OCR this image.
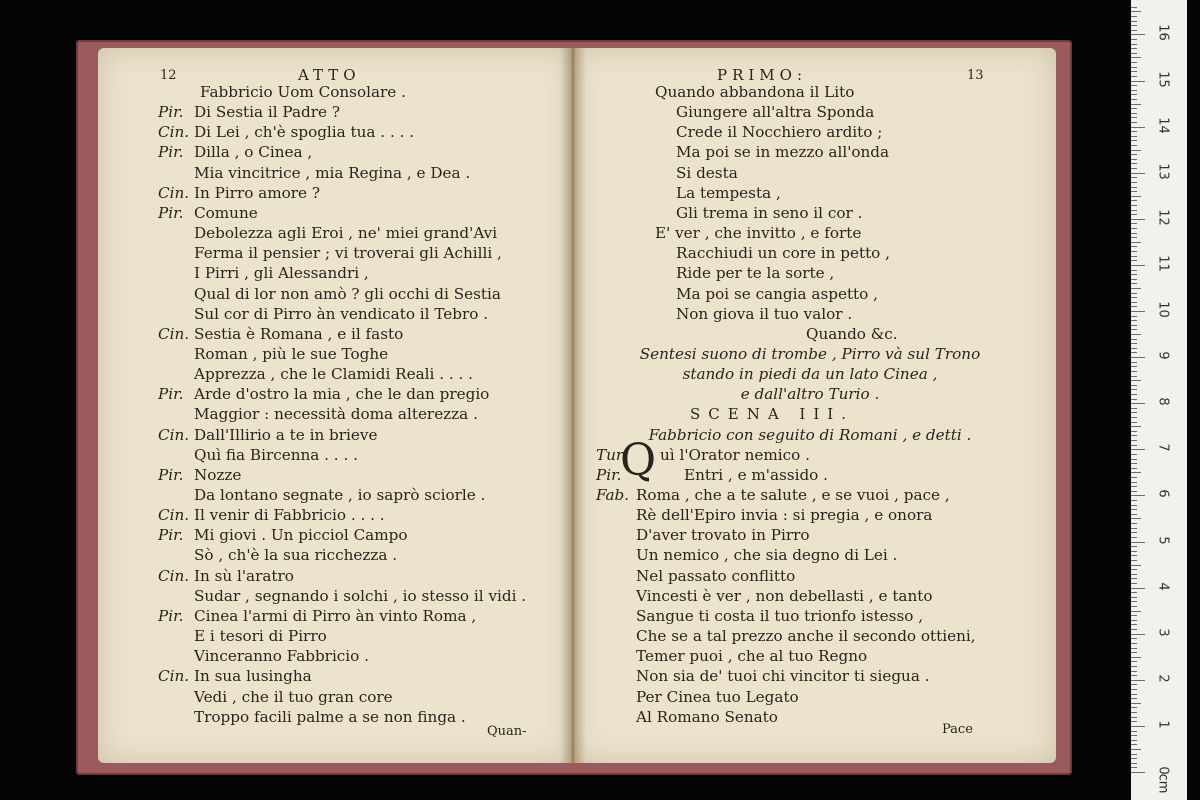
12	ATTO
Fabbricio Uom Consolare .
Pir. Di Sestia il Padre ?
Cin. Di Lei , ch'è spoglia tua . . . .
Pir. Dilla , o Cinea ,
Mia vincitrice , mia Regina , e Dea .
Cin. In Pirro amore ?
Pir. Comune
Debolezza agli Eroi , ne' miei grand'Avi
Ferma il pensier ; vi troverai gli Achilli ,
I Pirri , gli Alessandri ,
Qual di lor non amò ? gli occhi di Sestia
Sul cor di Pirro àn vendicato il Tebro .
Cin. Sestia è Romana , e il fasto
Roman , più le sue Toghe
Apprezza , che le Clamidi Reali . . . .
Pir. Arde d'ostro la mia , che le dan pregio
Maggior : necessità doma alterezza .
Cin. Dall'Illirio a te in brieve
Quì fia Bircenna . . . .
Pir. Nozze
Da lontano segnate , io saprò sciorle .
Cin. Il venir di Fabbricio . . . .
Pir. Mi giovi . Un picciol Campo
Sò , ch'è la sua ricchezza .
Cin. In sù l'aratro
Sudar , segnando i solchi , io stesso il vidi .
Pir. Cinea l'armi di Pirro àn vinto Roma ,
E i tesori di Pirro
Vinceranno Fabbricio .
Cin. In sua lusingha
Vedi , che il tuo gran core
Troppo facili palme a se non finga .
Quan-
PRIMO:	13
Quando abbandona il Lito
Giungere all'altra Sponda
Crede il Nocchiero ardito ;
Ma poi se in mezzo all'onda
Si desta
La tempesta ,
Gli trema in seno il cor .
E' ver , che invitto , e forte
Racchiudi un core in petto ,
Ride per te la sorte ,
Ma poi se cangia aspetto ,
Non giova il tuo valor .
Quando &c.
Sentesi suono di trombe , Pirro và sul Trono
stando in piedi da un lato Cinea ,
e dall'altro Turio .
SCENA III.
Fabbricio con seguito di Romani , e detti .
Tur. uì l'Orator nemico .
Pir.	Entri , e m'assido .
Fab. Roma , che a te salute , e se vuoi , pace ,
Rè dell'Epiro invia : si pregia , e onora
D'aver trovato in Pirro
Un nemico , che sia degno di Lei .
Nel passato conflitto
Vincesti è ver , non debellasti , e tanto
Sangue ti costa il tuo trionfo istesso ,
Che se a tal prezzo anche il secondo ottieni,
Temer puoi , che al tuo Regno
Non sia de' tuoi chi vincitor ti siegua .
Per Cinea tuo Legato
Al Romano Senato
Q
Pace
0
1
2
3
4
5
6
7
8
9
10
11
12
13
14
15
16
cm
